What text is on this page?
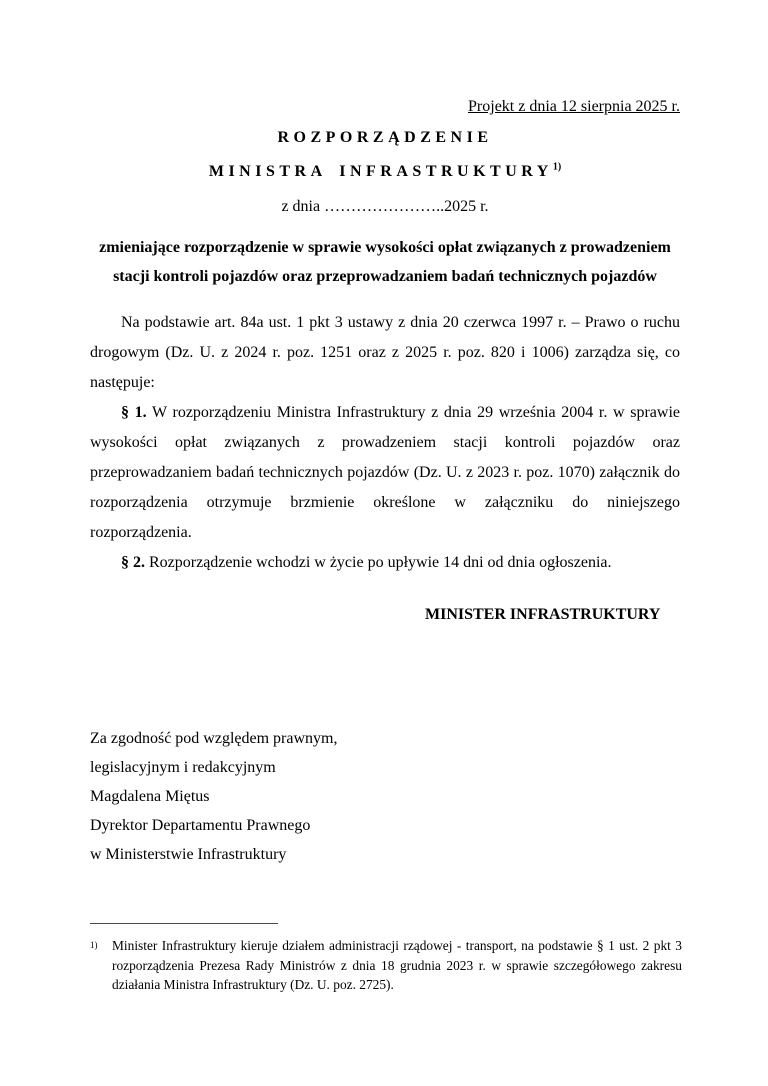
Projekt z dnia 12 sierpnia 2025 r.
ROZPORZĄDZENIE
MINISTRA INFRASTRUKTURY$^{1)}$
z dnia …………………..2025 r.
zmieniające rozporządzenie w sprawie wysokości opłat związanych z prowadzeniem
stacji kontroli pojazdów oraz przeprowadzaniem badań technicznych pojazdów

Na podstawie art. 84a ust. 1 pkt 3 ustawy z dnia 20 czerwca 1997 r. – Prawo o ruchu drogowym (Dz. U. z 2024 r. poz. 1251 oraz z 2025 r. poz. 820 i 1006) zarządza się, co następuje:

§ 1. W rozporządzeniu Ministra Infrastruktury z dnia 29 września 2004 r. w sprawie wysokości opłat związanych z prowadzeniem stacji kontroli pojazdów oraz przeprowadzaniem badań technicznych pojazdów (Dz. U. z 2023 r. poz. 1070) załącznik do rozporządzenia otrzymuje brzmienie określone w załączniku do niniejszego rozporządzenia.

§ 2. Rozporządzenie wchodzi w życie po upływie 14 dni od dnia ogłoszenia.

MINISTER INFRASTRUKTURY
Za zgodność pod względem prawnym,
legislacyjnym i redakcyjnym
Magdalena Miętus
Dyrektor Departamentu Prawnego
w Ministerstwie Infrastruktury
1) Minister Infrastruktury kieruje działem administracji rządowej - transport, na podstawie § 1 ust. 2 pkt 3 rozporządzenia Prezesa Rady Ministrów z dnia 18 grudnia 2023 r. w sprawie szczegółowego zakresu działania Ministra Infrastruktury (Dz. U. poz. 2725).
